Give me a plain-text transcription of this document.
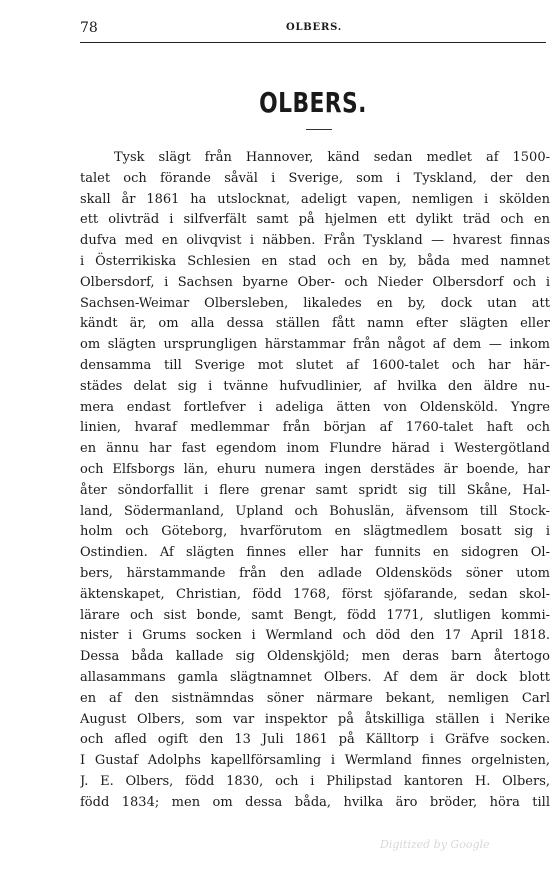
78	OLBERS.
OLBERS.
Tysk slägt från Hannover, känd sedan medlet af 1500-
talet och förande såväl i Sverige, som i Tyskland, der den
skall år 1861 ha utslocknat, adeligt vapen, nemligen i skölden
ett olivträd i silfverfält samt på hjelmen ett dylikt träd och en
dufva med en olivqvist i näbben. Från Tyskland — hvarest finnas
i Österrikiska Schlesien en stad och en by, båda med namnet
Olbersdorf, i Sachsen byarne Ober- och Nieder Olbersdorf och i
Sachsen-Weimar Olbersleben, likaledes en by, dock utan att
kändt är, om alla dessa ställen fått namn efter slägten eller
om slägten ursprungligen härstammar från något af dem — inkom
densamma till Sverige mot slutet af 1600-talet och har här-
städes delat sig i tvänne hufvudlinier, af hvilka den äldre nu-
mera endast fortlefver i adeliga ätten von Oldensköld. Yngre
linien, hvaraf medlemmar från början af 1760-talet haft och
en ännu har fast egendom inom Flundre härad i Westergötland
och Elfsborgs län, ehuru numera ingen derstädes är boende, har
åter söndorfallit i flere grenar samt spridt sig till Skåne, Hal-
land, Södermanland, Upland och Bohuslän, äfvensom till Stock-
holm och Göteborg, hvarförutom en slägtmedlem bosatt sig i
Ostindien. Af slägten finnes eller har funnits en sidogren Ol-
bers, härstammande från den adlade Oldensköds söner utom
äktenskapet, Christian, född 1768, först sjöfarande, sedan skol-
lärare och sist bonde, samt Bengt, född 1771, slutligen kommi-
nister i Grums socken i Wermland och död den 17 April 1818.
Dessa båda kallade sig Oldenskjöld; men deras barn återtogo
allasammans gamla slägtnamnet Olbers. Af dem är dock blott
en af den sistnämndas söner närmare bekant, nemligen Carl
August Olbers, som var inspektor på åtskilliga ställen i Nerike
och afled ogift den 13 Juli 1861 på Källtorp i Gräfve socken.
I Gustaf Adolphs kapellförsamling i Wermland finnes orgelnisten,
J. E. Olbers, född 1830, och i Philipstad kantoren H. Olbers,
född 1834; men om dessa båda, hvilka äro bröder, höra till
Digitized by Google
